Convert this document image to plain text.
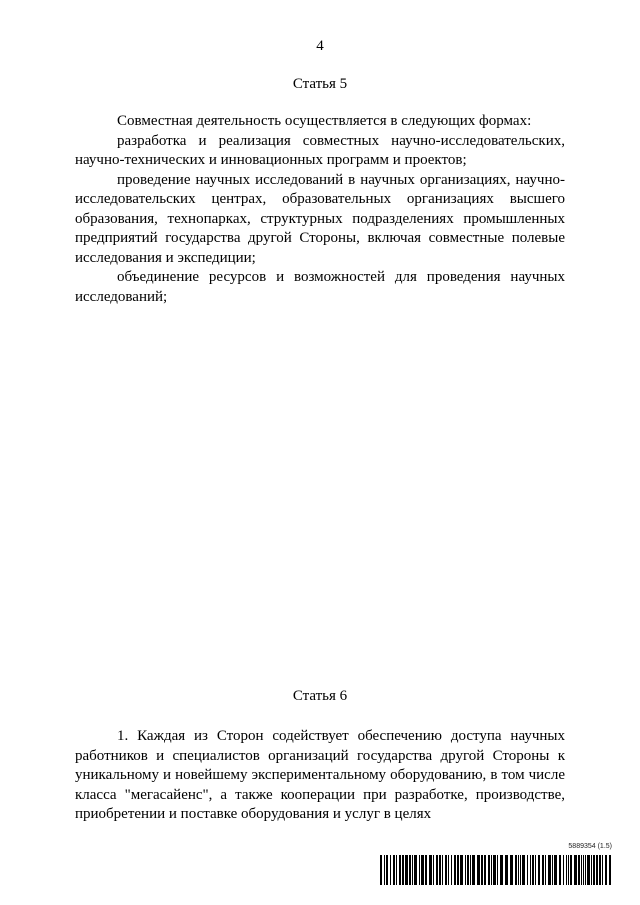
4
Статья 5

Совместная деятельность осуществляется в следующих формах:

разработка и реализация совместных научно-исследовательских, научно-технических и инновационных программ и проектов;

проведение научных исследований в научных организациях, научно-исследовательских центрах, образовательных организациях высшего образования, технопарках, структурных подразделениях промышленных предприятий государства другой Стороны, включая совместные полевые исследования и экспедиции;

объединение ресурсов и возможностей для проведения научных исследований;

Статья 6

1. Каждая из Сторон содействует обеспечению доступа научных работников и специалистов организаций государства другой Стороны к уникальному и новейшему экспериментальному оборудованию, в том числе класса "мегасайенс", а также кооперации при разработке, производстве, приобретении и поставке оборудования и услуг в целях

5889354 (1.5)
